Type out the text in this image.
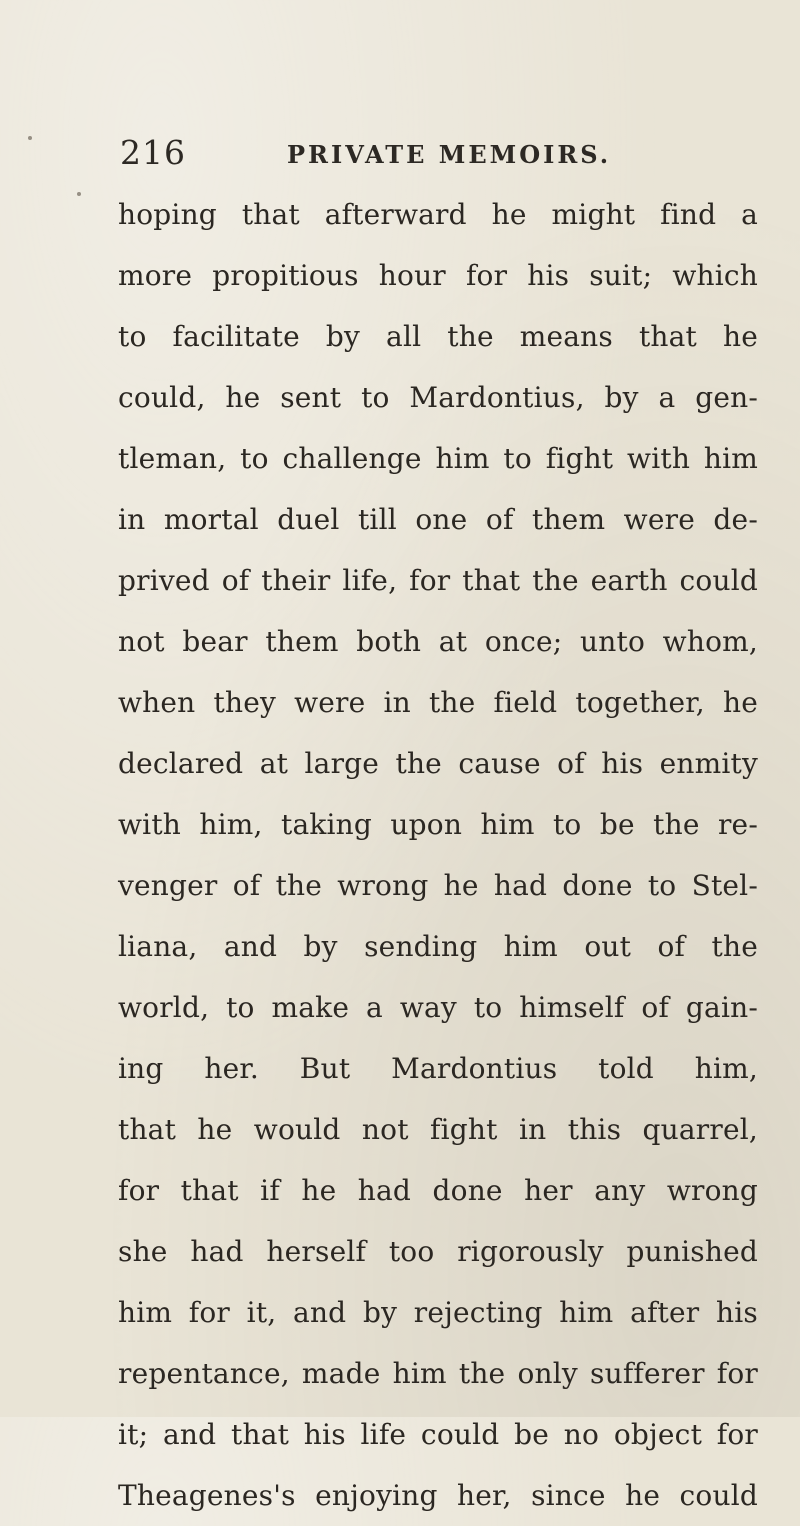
216	PRIVATE MEMOIRS.
hoping that afterward he might find a
more propitious hour for his suit; which
to facilitate by all the means that he
could, he sent to Mardontius, by a gen-
tleman, to challenge him to fight with him
in mortal duel till one of them were de-
prived of their life, for that the earth could
not bear them both at once; unto whom,
when they were in the field together, he
declared at large the cause of his enmity
with him, taking upon him to be the re-
venger of the wrong he had done to Stel-
liana, and by sending him out of the
world, to make a way to himself of gain-
ing her. But Mardontius told him,
that he would not fight in this quarrel,
for that if he had done her any wrong
she had herself too rigorously punished
him for it, and by rejecting him after his
repentance, made him the only sufferer for
it; and that his life could be no object for
Theagenes's enjoying her, since he could
